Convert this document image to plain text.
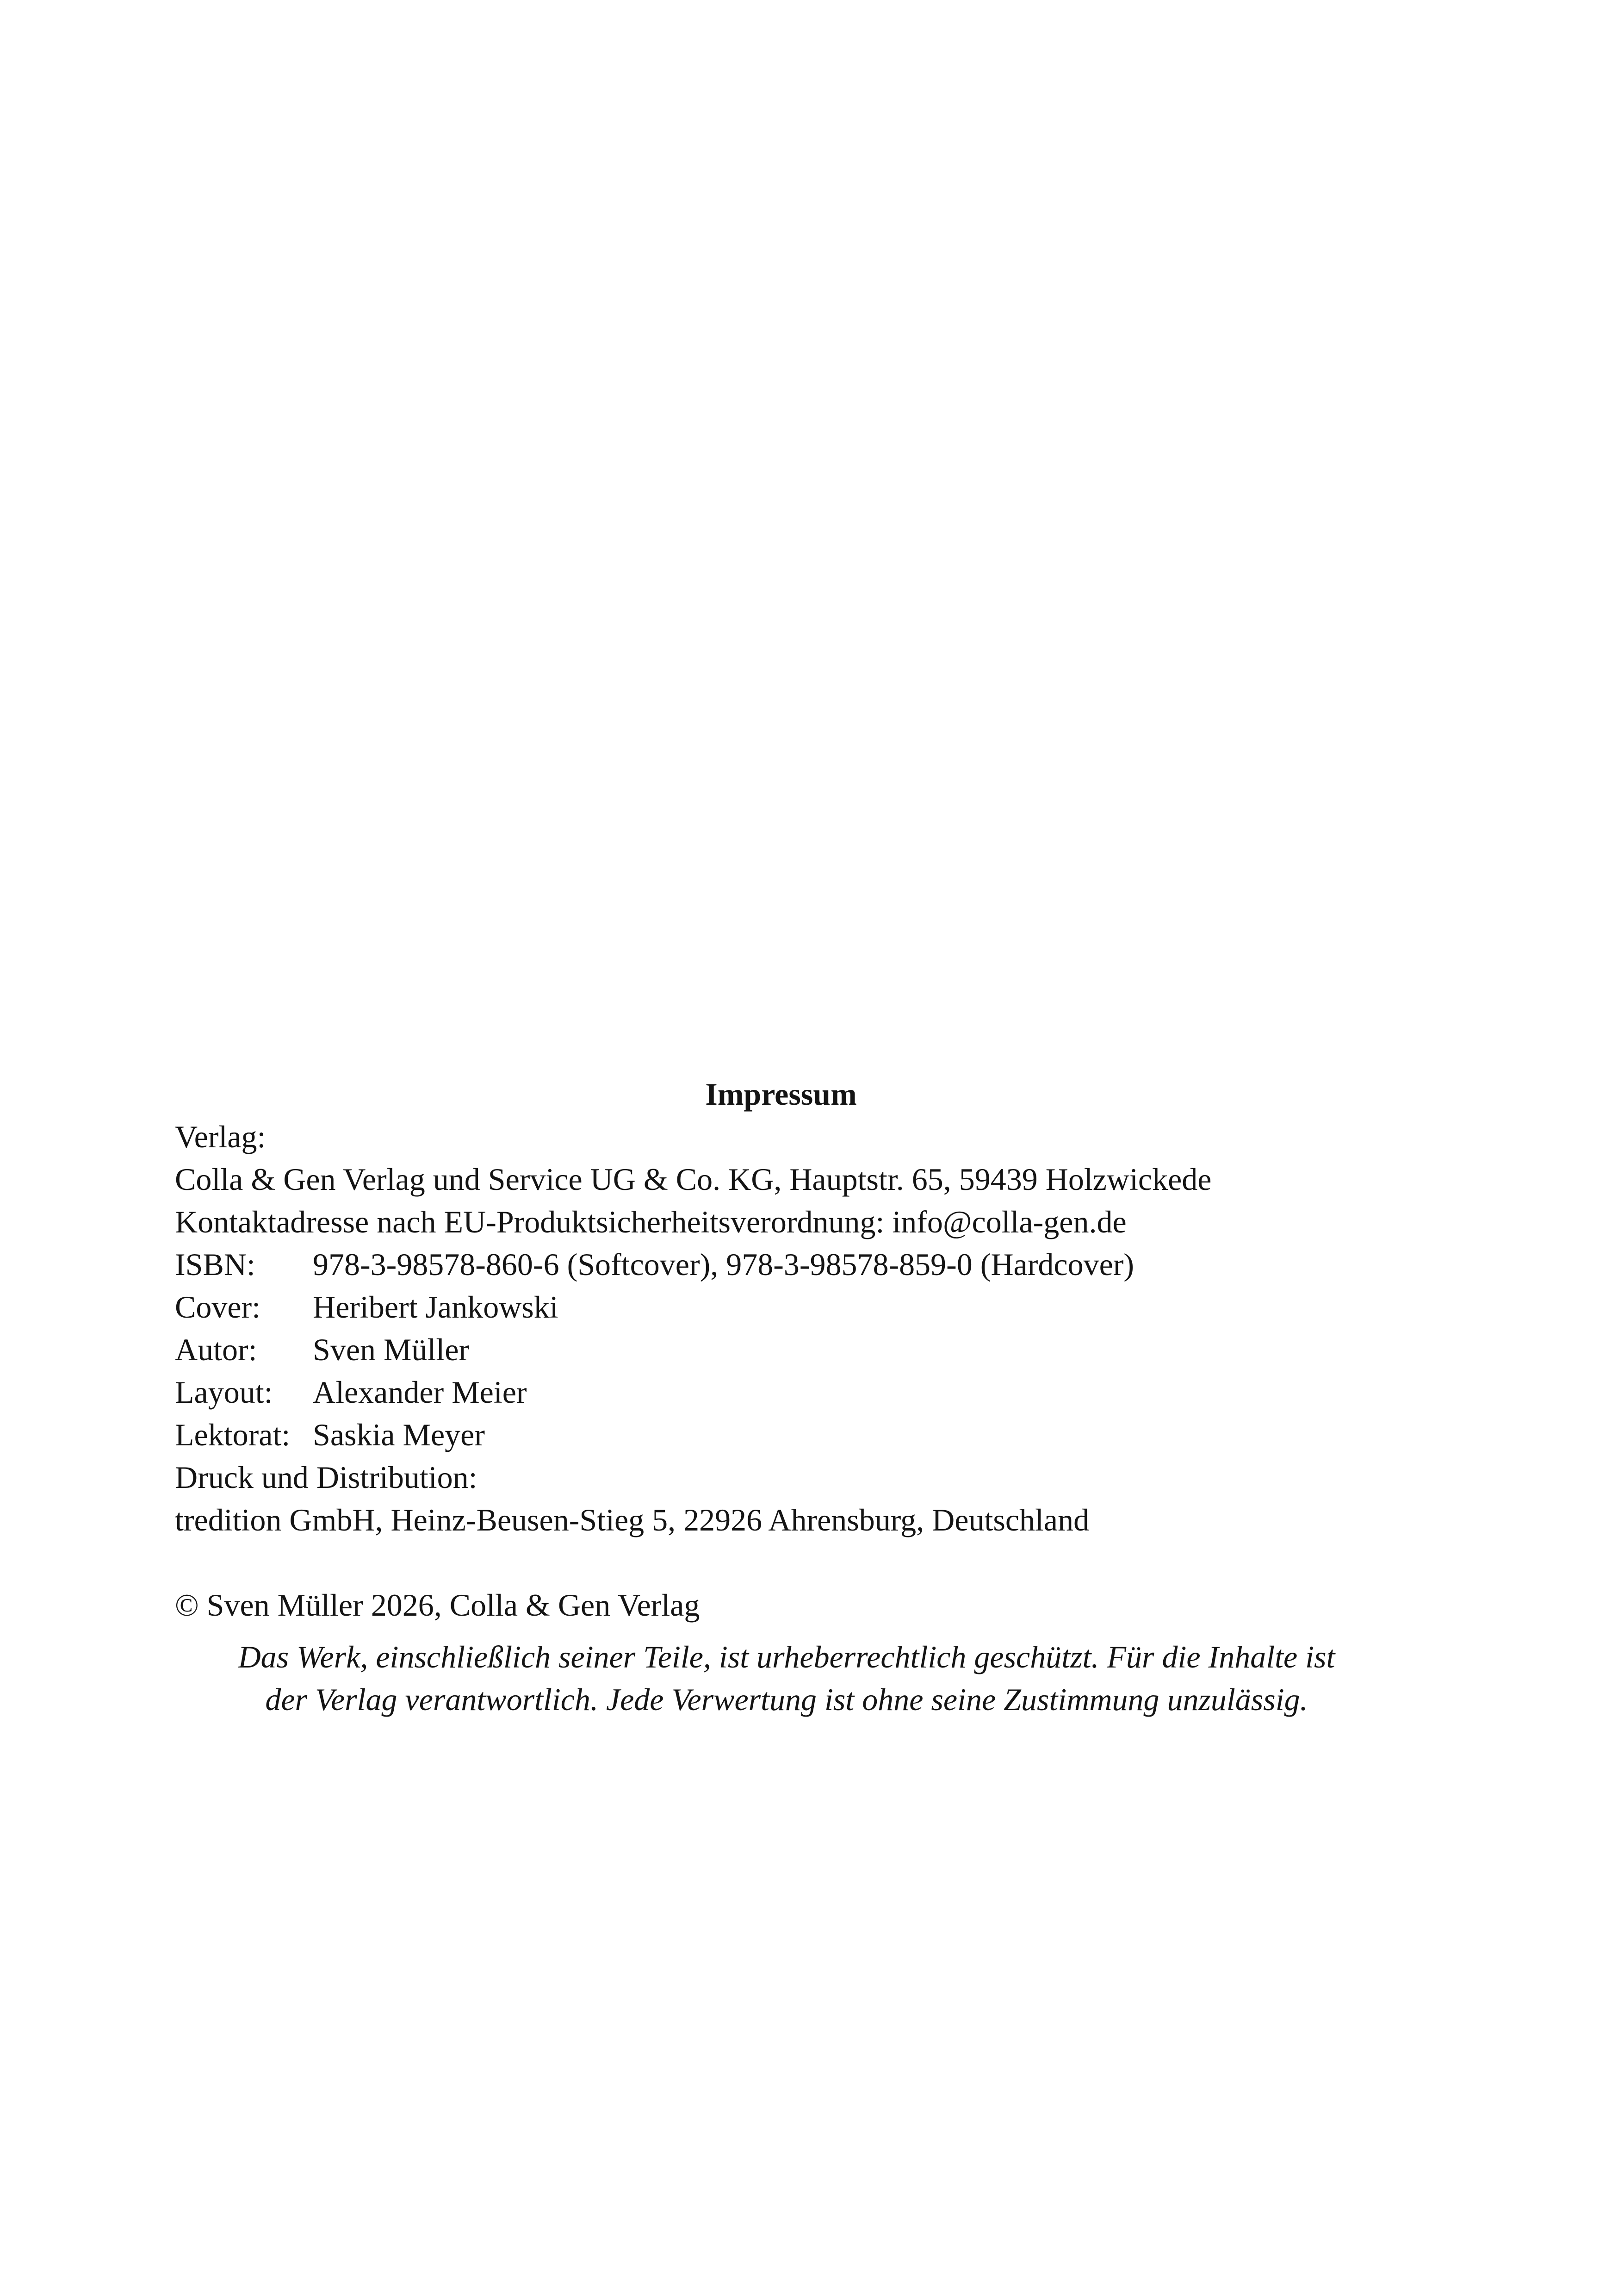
Impressum
Verlag:
Colla & Gen Verlag und Service UG & Co. KG, Hauptstr. 65, 59439 Holzwickede
Kontaktadresse nach EU-Produktsicherheitsverordnung: info@colla-gen.de
ISBN:	978-3-98578-860-6 (Softcover), 978-3-98578-859-0 (Hardcover)
Cover:	Heribert Jankowski
Autor:	Sven Müller
Layout:	Alexander Meier
Lektorat: Saskia Meyer
Druck und Distribution:
tredition GmbH, Heinz-Beusen-Stieg 5, 22926 Ahrensburg, Deutschland
© Sven Müller 2026, Colla & Gen Verlag
Das Werk, einschließlich seiner Teile, ist urheberrechtlich geschützt. Für die Inhalte ist
der Verlag verantwortlich. Jede Verwertung ist ohne seine Zustimmung unzulässig.
